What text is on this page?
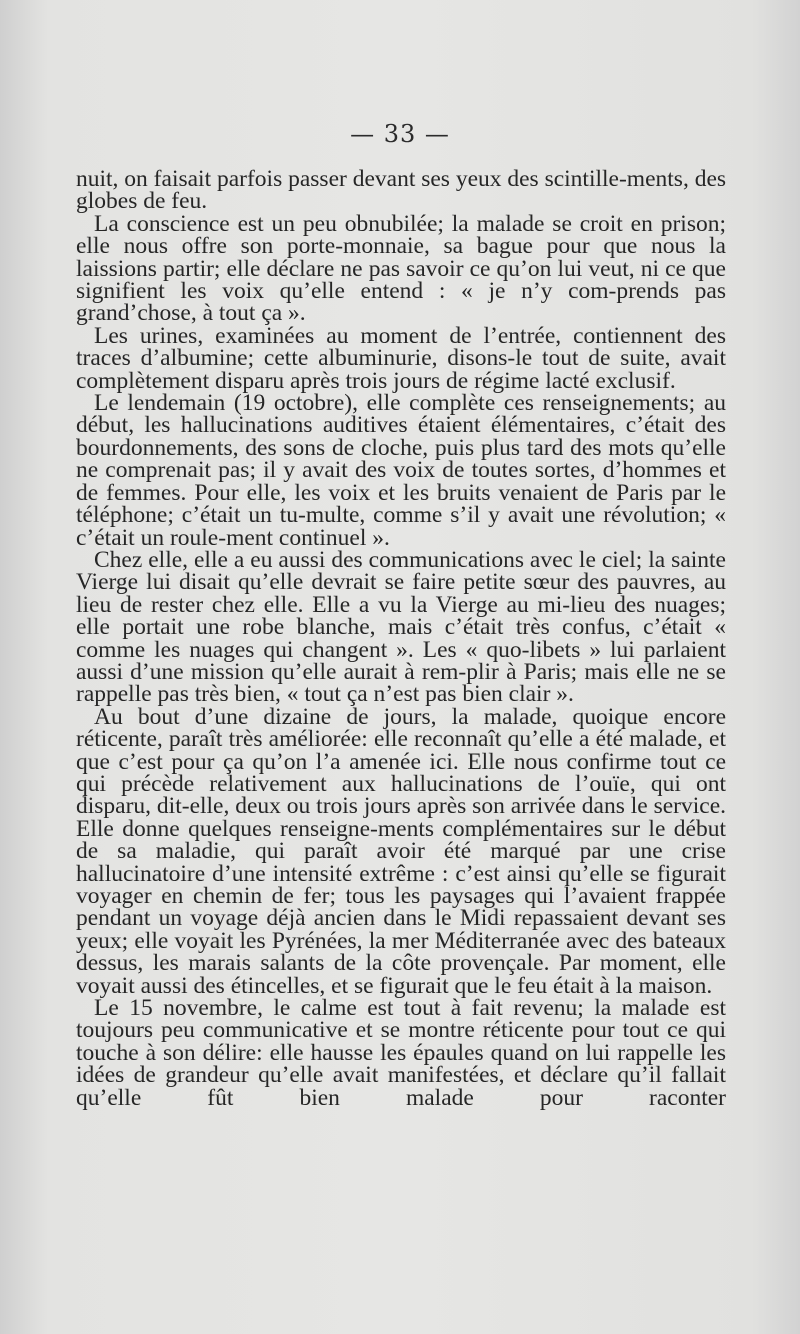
— 33 —

nuit, on faisait parfois passer devant ses yeux des scintille-ments, des globes de feu.

La conscience est un peu obnubilée; la malade se croit en prison; elle nous offre son porte-monnaie, sa bague pour que nous la laissions partir; elle déclare ne pas savoir ce qu’on lui veut, ni ce que signifient les voix qu’elle entend : « je n’y com-prends pas grand’chose, à tout ça ».

Les urines, examinées au moment de l’entrée, contiennent des traces d’albumine; cette albuminurie, disons-le tout de suite, avait complètement disparu après trois jours de régime lacté exclusif.

Le lendemain (19 octobre), elle complète ces renseignements; au début, les hallucinations auditives étaient élémentaires, c’était des bourdonnements, des sons de cloche, puis plus tard des mots qu’elle ne comprenait pas; il y avait des voix de toutes sortes, d’hommes et de femmes. Pour elle, les voix et les bruits venaient de Paris par le téléphone; c’était un tu-multe, comme s’il y avait une révolution; « c’était un roule-ment continuel ».

Chez elle, elle a eu aussi des communications avec le ciel; la sainte Vierge lui disait qu’elle devrait se faire petite sœur des pauvres, au lieu de rester chez elle. Elle a vu la Vierge au mi-lieu des nuages; elle portait une robe blanche, mais c’était très confus, c’était « comme les nuages qui changent ». Les « quo-libets » lui parlaient aussi d’une mission qu’elle aurait à rem-plir à Paris; mais elle ne se rappelle pas très bien, « tout ça n’est pas bien clair ».

Au bout d’une dizaine de jours, la malade, quoique encore réticente, paraît très améliorée: elle reconnaît qu’elle a été malade, et que c’est pour ça qu’on l’a amenée ici. Elle nous confirme tout ce qui précède relativement aux hallucinations de l’ouïe, qui ont disparu, dit-elle, deux ou trois jours après son arrivée dans le service. Elle donne quelques renseigne-ments complémentaires sur le début de sa maladie, qui paraît avoir été marqué par une crise hallucinatoire d’une intensité extrême : c’est ainsi qu’elle se figurait voyager en chemin de fer; tous les paysages qui l’avaient frappée pendant un voyage déjà ancien dans le Midi repassaient devant ses yeux; elle voyait les Pyrénées, la mer Méditerranée avec des bateaux dessus, les marais salants de la côte provençale. Par moment, elle voyait aussi des étincelles, et se figurait que le feu était à la maison.

Le 15 novembre, le calme est tout à fait revenu; la malade est toujours peu communicative et se montre réticente pour tout ce qui touche à son délire: elle hausse les épaules quand on lui rappelle les idées de grandeur qu’elle avait manifestées, et déclare qu’il fallait qu’elle fût bien malade pour raconter
